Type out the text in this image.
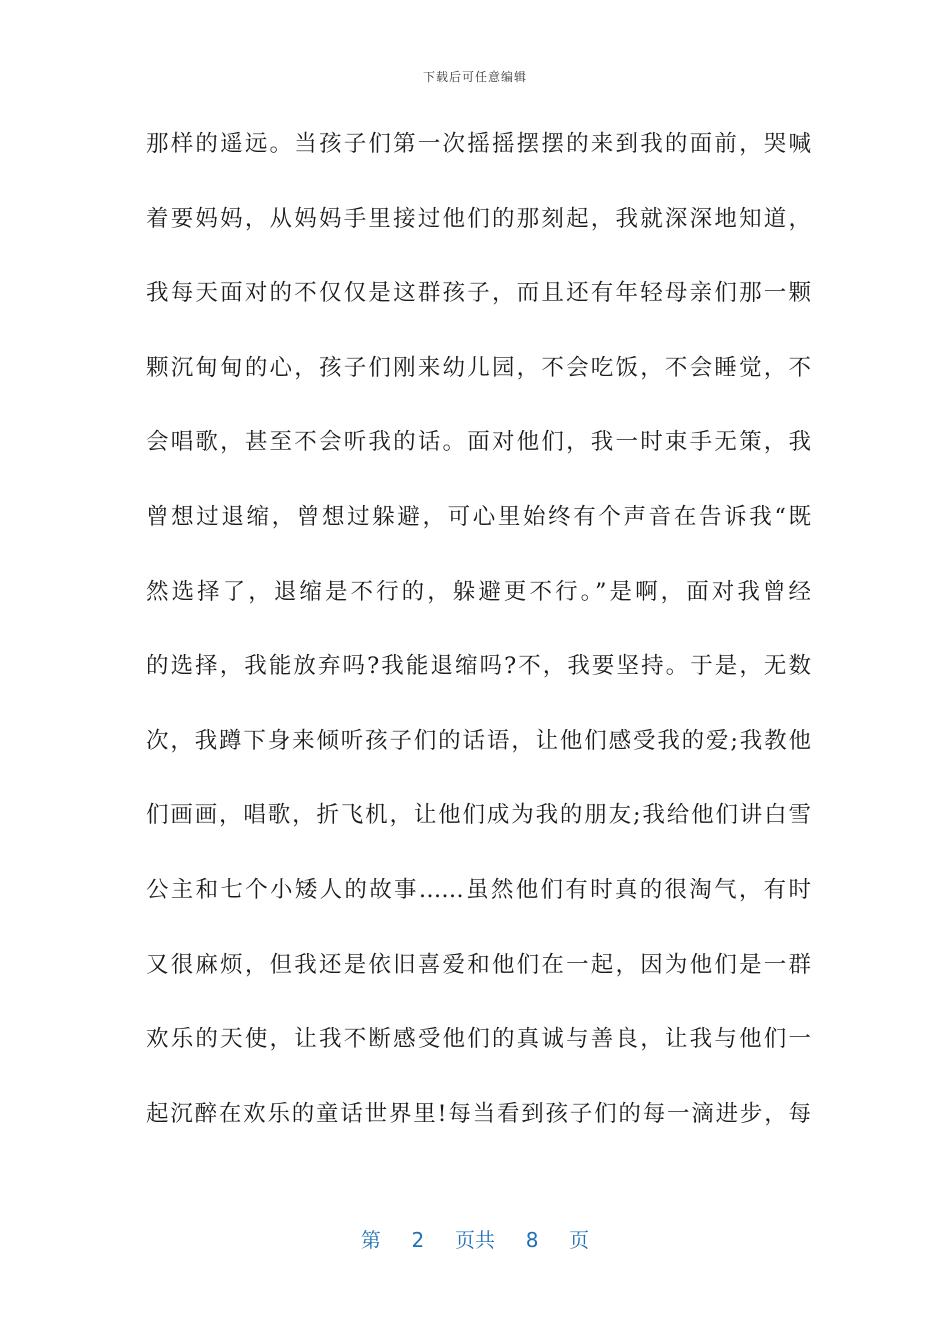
下载后可任意编辑
那样的遥远。当孩子们第一次摇摇摆摆的来到我的面前，哭喊
着要妈妈，从妈妈手里接过他们的那刻起，我就深深地知道，
我每天面对的不仅仅是这群孩子，而且还有年轻母亲们那一颗
颗沉甸甸的心，孩子们刚来幼儿园，不会吃饭，不会睡觉，不
会唱歌，甚至不会听我的话。面对他们，我一时束手无策，我
曾想过退缩，曾想过躲避，可心里始终有个声音在告诉我“既
然选择了，退缩是不行的，躲避更不行。”是啊，面对我曾经
的选择，我能放弃吗?我能退缩吗?不，我要坚持。于是，无数
次，我蹲下身来倾听孩子们的话语，让他们感受我的爱;我教他
们画画，唱歌，折飞机，让他们成为我的朋友;我给他们讲白雪
公主和七个小矮人的故事……虽然他们有时真的很淘气，有时
又很麻烦，但我还是依旧喜爱和他们在一起，因为他们是一群
欢乐的天使，让我不断感受他们的真诚与善良，让我与他们一
起沉醉在欢乐的童话世界里!每当看到孩子们的每一滴进步，每
第 2 页共 8 页
